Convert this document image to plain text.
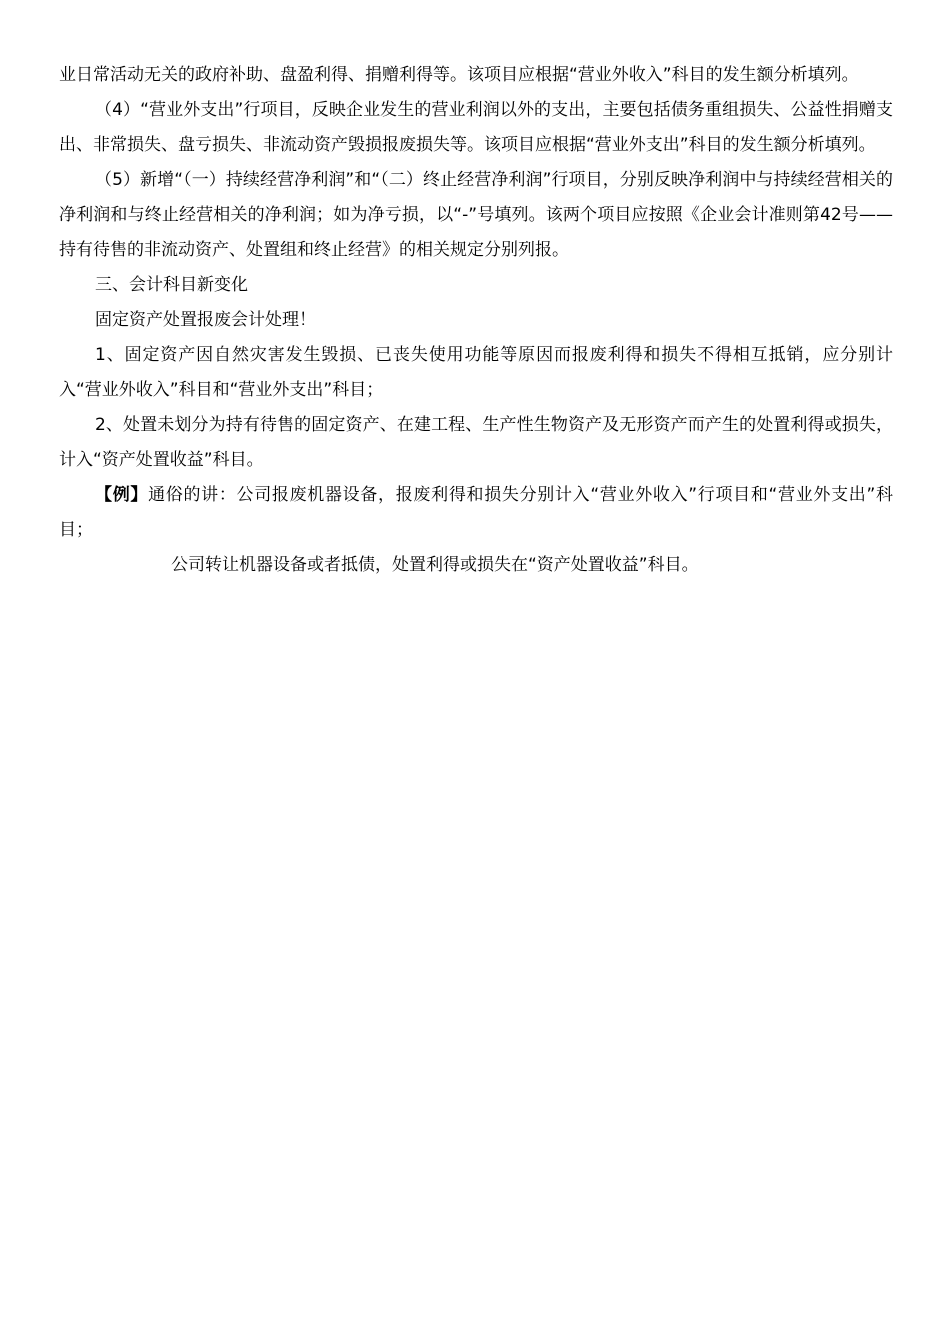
业日常活动无关的政府补助、盘盈利得、捐赠利得等。该项目应根据“营业外收入”科目的发生额分析填列。

（4）“营业外支出”行项目，反映企业发生的营业利润以外的支出，主要包括债务重组损失、公益性捐赠支出、非常损失、盘亏损失、非流动资产毁损报废损失等。该项目应根据“营业外支出”科目的发生额分析填列。

（5）新增“（一）持续经营净利润”和“（二）终止经营净利润”行项目，分别反映净利润中与持续经营相关的净利润和与终止经营相关的净利润；如为净亏损，以“-”号填列。该两个项目应按照《企业会计准则第42号——持有待售的非流动资产、处置组和终止经营》的相关规定分别列报。

三、会计科目新变化

固定资产处置报废会计处理！

1、固定资产因自然灾害发生毁损、已丧失使用功能等原因而报废利得和损失不得相互抵销，应分别计入“营业外收入”科目和“营业外支出”科目；

2、处置未划分为持有待售的固定资产、在建工程、生产性生物资产及无形资产而产生的处置利得或损失，计入“资产处置收益”科目。

【例】通俗的讲：公司报废机器设备，报废利得和损失分别计入“营业外收入”行项目和“营业外支出”科目；

公司转让机器设备或者抵债，处置利得或损失在“资产处置收益”科目。
